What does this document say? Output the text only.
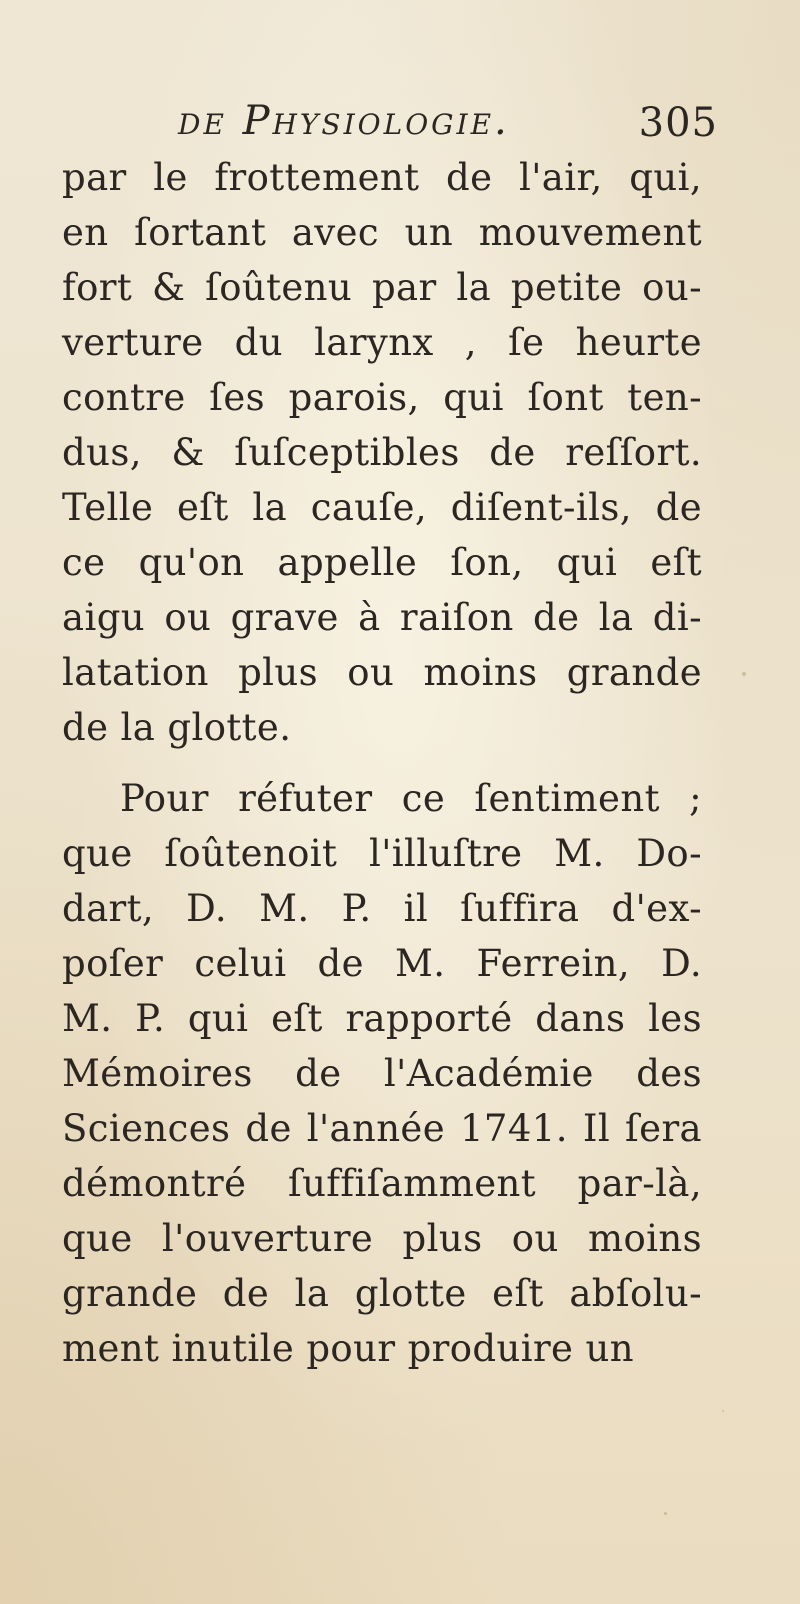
de Physiologie.	305
par le frottement de l'air, qui,
en ſortant avec un mouvement
fort & ſoûtenu par la petite ou-
verture du larynx , ſe heurte
contre ſes parois, qui ſont ten-
dus, & ſuſceptibles de reſſort.
Telle eſt la cauſe, diſent-ils, de
ce qu'on appelle ſon, qui eſt
aigu ou grave à raiſon de la di-
latation plus ou moins grande
de la glotte.
Pour réfuter ce ſentiment ;
que ſoûtenoit l'illuſtre M. Do-
dart, D. M. P. il ſuffira d'ex-
poſer celui de M. Ferrein, D.
M. P. qui eſt rapporté dans les
Mémoires de l'Académie des
Sciences de l'année 1741. Il ſera
démontré ſuffiſamment par-là,
que l'ouverture plus ou moins
grande de la glotte eſt abſolu-
ment inutile pour produire un
